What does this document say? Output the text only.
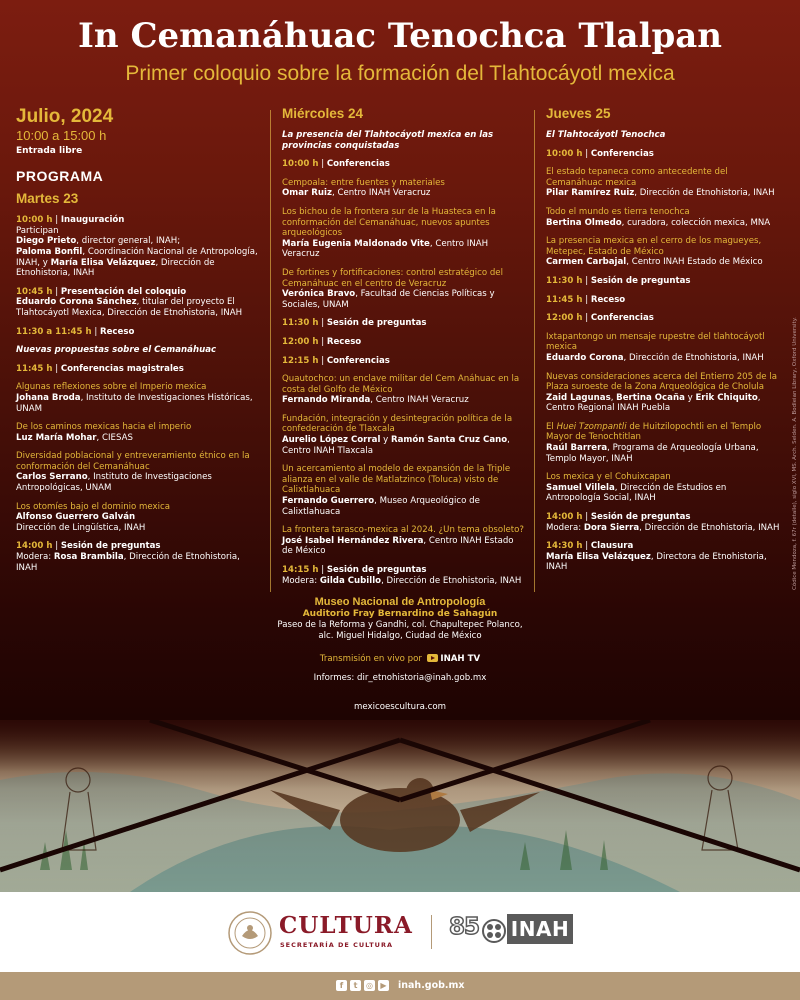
In Cemanáhuac Tenochca Tlalpan
Primer coloquio sobre la formación del Tlahtocáyotl mexica
Julio, 2024
10:00 a 15:00 h
Entrada libre
PROGRAMA
Martes 23
10:00 h | Inauguración
Participan
Diego Prieto, director general, INAH;
Paloma Bonfil, Coordinación Nacional de Antropología, INAH, y María Elisa Velázquez, Dirección de Etnohistoria, INAH
10:45 h | Presentación del coloquio
Eduardo Corona Sánchez, titular del proyecto El Tlahtocáyotl Mexica, Dirección de Etnohistoria, INAH
11:30 a 11:45 h | Receso
Nuevas propuestas sobre el Cemanáhuac
11:45 h | Conferencias magistrales
Algunas reflexiones sobre el Imperio mexica
Johana Broda, Instituto de Investigaciones Históricas, UNAM
De los caminos mexicas hacia el imperio
Luz María Mohar, CIESAS
Diversidad poblacional y entreveramiento étnico en la conformación del Cemanáhuac
Carlos Serrano, Instituto de Investigaciones Antropológicas, UNAM
Los otomíes bajo el dominio mexica
Alfonso Guerrero Galván
Dirección de Lingüística, INAH
14:00 h | Sesión de preguntas
Modera: Rosa Brambila, Dirección de Etnohistoria, INAH
Miércoles 24
La presencia del Tlahtocáyotl mexica en las provincias conquistadas
10:00 h | Conferencias
Cempoala: entre fuentes y materiales
Omar Ruiz, Centro INAH Veracruz
Los bichou de la frontera sur de la Huasteca en la conformación del Cemanáhuac, nuevos apuntes arqueológicos
María Eugenia Maldonado Vite, Centro INAH Veracruz
De fortines y fortificaciones: control estratégico del Cemanáhuac en el centro de Veracruz
Verónica Bravo, Facultad de Ciencias Políticas y Sociales, UNAM
11:30 h | Sesión de preguntas
12:00 h | Receso
12:15 h | Conferencias
Quautochco: un enclave militar del Cem Anáhuac en la costa del Golfo de México
Fernando Miranda, Centro INAH Veracruz
Fundación, integración y desintegración política de la confederación de Tlaxcala
Aurelio López Corral y Ramón Santa Cruz Cano, Centro INAH Tlaxcala
Un acercamiento al modelo de expansión de la Triple alianza en el valle de Matlatzinco (Toluca) visto de Calixtlahuaca
Fernando Guerrero, Museo Arqueológico de Calixtlahuaca
La frontera tarasco-mexica al 2024. ¿Un tema obsoleto?
José Isabel Hernández Rivera, Centro INAH Estado de México
14:15 h | Sesión de preguntas
Modera: Gilda Cubillo, Dirección de Etnohistoria, INAH
Jueves 25
El Tlahtocáyotl Tenochca
10:00 h | Conferencias
El estado tepaneca como antecedente del Cemanáhuac mexica
Pilar Ramírez Ruiz, Dirección de Etnohistoria, INAH
Todo el mundo es tierra tenochca
Bertina Olmedo, curadora, colección mexica, MNA
La presencia mexica en el cerro de los magueyes, Metepec, Estado de México
Carmen Carbajal, Centro INAH Estado de México
11:30 h | Sesión de preguntas
11:45 h | Receso
12:00 h | Conferencias
Ixtapantongo un mensaje rupestre del tlahtocáyotl mexica
Eduardo Corona, Dirección de Etnohistoria, INAH
Nuevas consideraciones acerca del Entierro 205 de la Plaza suroeste de la Zona Arqueológica de Cholula
Zaid Lagunas, Bertina Ocaña y Erik Chiquito, Centro Regional INAH Puebla
El Huei Tzompantli de Huitzilopochtli en el Templo Mayor de Tenochtitlan
Raúl Barrera, Programa de Arqueología Urbana, Templo Mayor, INAH
Los mexica y el Cohuixcapan
Samuel Villela, Dirección de Estudios en Antropología Social, INAH
14:00 h | Sesión de preguntas
Modera: Dora Sierra, Dirección de Etnohistoria, INAH
14:30 h | Clausura
María Elisa Velázquez, Directora de Etnohistoria, INAH	Códice Mendoza, f. 67r (detalle), siglo XVI, MS. Arch. Selden. A. Bodleian Library, Oxford University.
Museo Nacional de Antropología
Auditorio Fray Bernardino de Sahagún
Paseo de la Reforma y Gandhi, col. Chapultepec Polanco,
alc. Miguel Hidalgo, Ciudad de México
Transmisión en vivo por INAH TV
Informes: dir_etnohistoria@inah.gob.mx
mexicoescultura.com
CULTURA
SECRETARÍA DE CULTURA
85 INAH
f	t	◎ ▶ inah.gob.mx
